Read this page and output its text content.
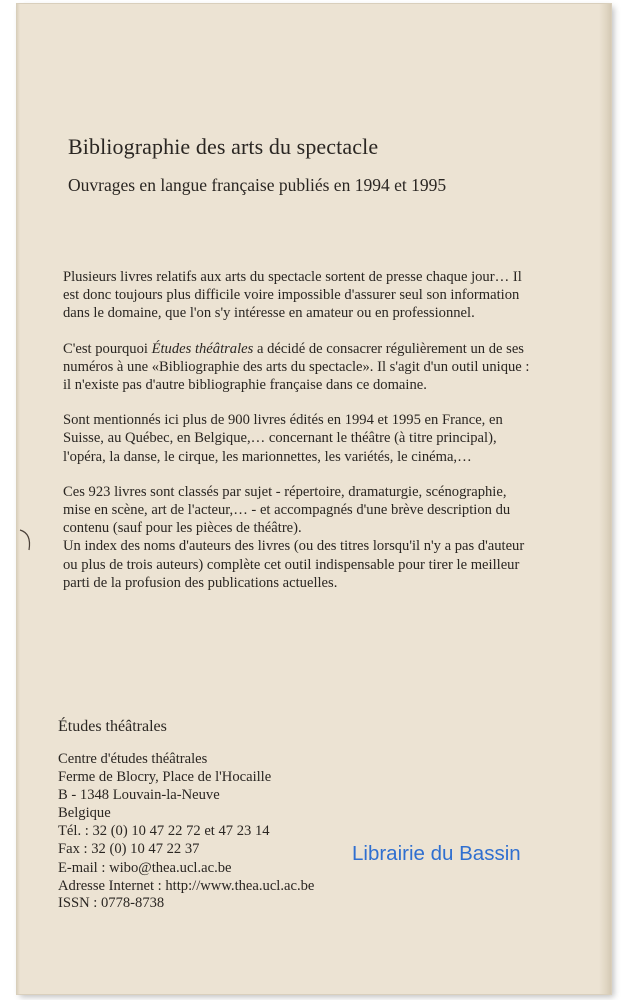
Bibliographie des arts du spectacle
Ouvrages en langue française publiés en 1994 et 1995

Plusieurs livres relatifs aux arts du spectacle sortent de presse chaque jour… Il est donc toujours plus difficile voire impossible d'assurer seul son information dans le domaine, que l'on s'y intéresse en amateur ou en professionnel.

C'est pourquoi Études théâtrales a décidé de consacrer régulièrement un de ses numéros à une «Bibliographie des arts du spectacle». Il s'agit d'un outil unique : il n'existe pas d'autre bibliographie française dans ce domaine.

Sont mentionnés ici plus de 900 livres édités en 1994 et 1995 en France, en Suisse, au Québec, en Belgique,… concernant le théâtre (à titre principal), l'opéra, la danse, le cirque, les marionnettes, les variétés, le cinéma,…

Ces 923 livres sont classés par sujet - répertoire, dramaturgie, scénographie, mise en scène, art de l'acteur,… - et accompagnés d'une brève description du contenu (sauf pour les pièces de théâtre).

Un index des noms d'auteurs des livres (ou des titres lorsqu'il n'y a pas d'auteur ou plus de trois auteurs) complète cet outil indispensable pour tirer le meilleur parti de la profusion des publications actuelles.

Études théâtrales
Centre d'études théâtrales
Ferme de Blocry, Place de l'Hocaille
B - 1348 Louvain-la-Neuve
Belgique
Tél. : 32 (0) 10 47 22 72 et 47 23 14
Fax : 32 (0) 10 47 22 37
E-mail : wibo@thea.ucl.ac.be
Adresse Internet : http://www.thea.ucl.ac.be
ISSN : 0778-8738
Librairie du Bassin
